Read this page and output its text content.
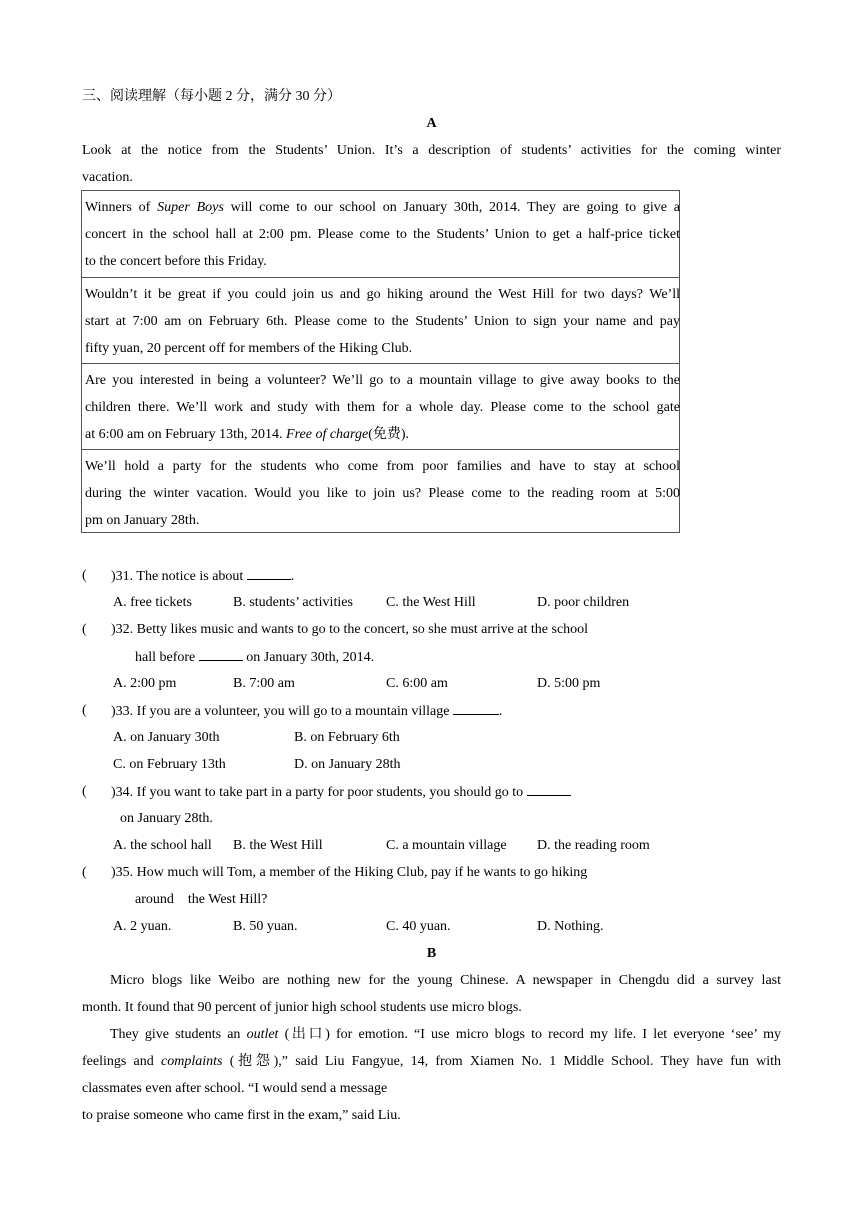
三、阅读理解（每小题 2 分，满分 30 分）
A
Look at the notice from the Students’ Union. It’s a description of students’ activities for the coming winter
vacation.
Winners of Super Boys will come to our school on January 30th, 2014. They are going to give a
concert in the school hall at 2:00 pm. Please come to the Students’ Union to get a half-price ticket
to the concert before this Friday.
Wouldn’t it be great if you could join us and go hiking around the West Hill for two days? We’ll
start at 7:00 am on February 6th. Please come to the Students’ Union to sign your name and pay
fifty yuan, 20 percent off for members of the Hiking Club.
Are you interested in being a volunteer? We’ll go to a mountain village to give away books to the
children there. We’ll work and study with them for a whole day. Please come to the school gate
at 6:00 am on February 13th, 2014. Free of charge(免费).
We’ll hold a party for the students who come from poor families and have to stay at school
during the winter vacation. Would you like to join us? Please come to the reading room at 5:00
pm on January 28th.
( )31. The notice is about	.
A. free tickets	B. students’ activities C. the West Hill	D. poor children
( )32. Betty likes music and wants to go to the concert, so she must arrive at the school
hall before	on January 30th, 2014.
A. 2:00 pm	B. 7:00 am	C. 6:00 am	D. 5:00 pm
( )33. If you are a volunteer, you will go to a mountain village	.
A. on January 30th	B. on February 6th
C. on February 13th	D. on January 28th
( )34. If you want to take part in a party for poor students, you should go to
on January 28th.
A. the school hall B. the West Hill	C. a mountain village D. the reading room
( )35. How much will Tom, a member of the Hiking Club, pay if he wants to go hiking
around    the West Hill?
A. 2 yuan.	B. 50 yuan.	C. 40 yuan.	D. Nothing.
B
Micro blogs like Weibo are nothing new for the young Chinese. A newspaper in Chengdu did a survey last
month. It found that 90 percent of junior high school students use micro blogs.
They give students an outlet (出口) for emotion. “I use micro blogs to record my life. I let everyone ‘see’ my
feelings and complaints (抱怨),” said Liu Fangyue, 14, from Xiamen No. 1 Middle School. They have fun with
classmates even after school. “I would send a message
to praise someone who came first in the exam,” said Liu.
